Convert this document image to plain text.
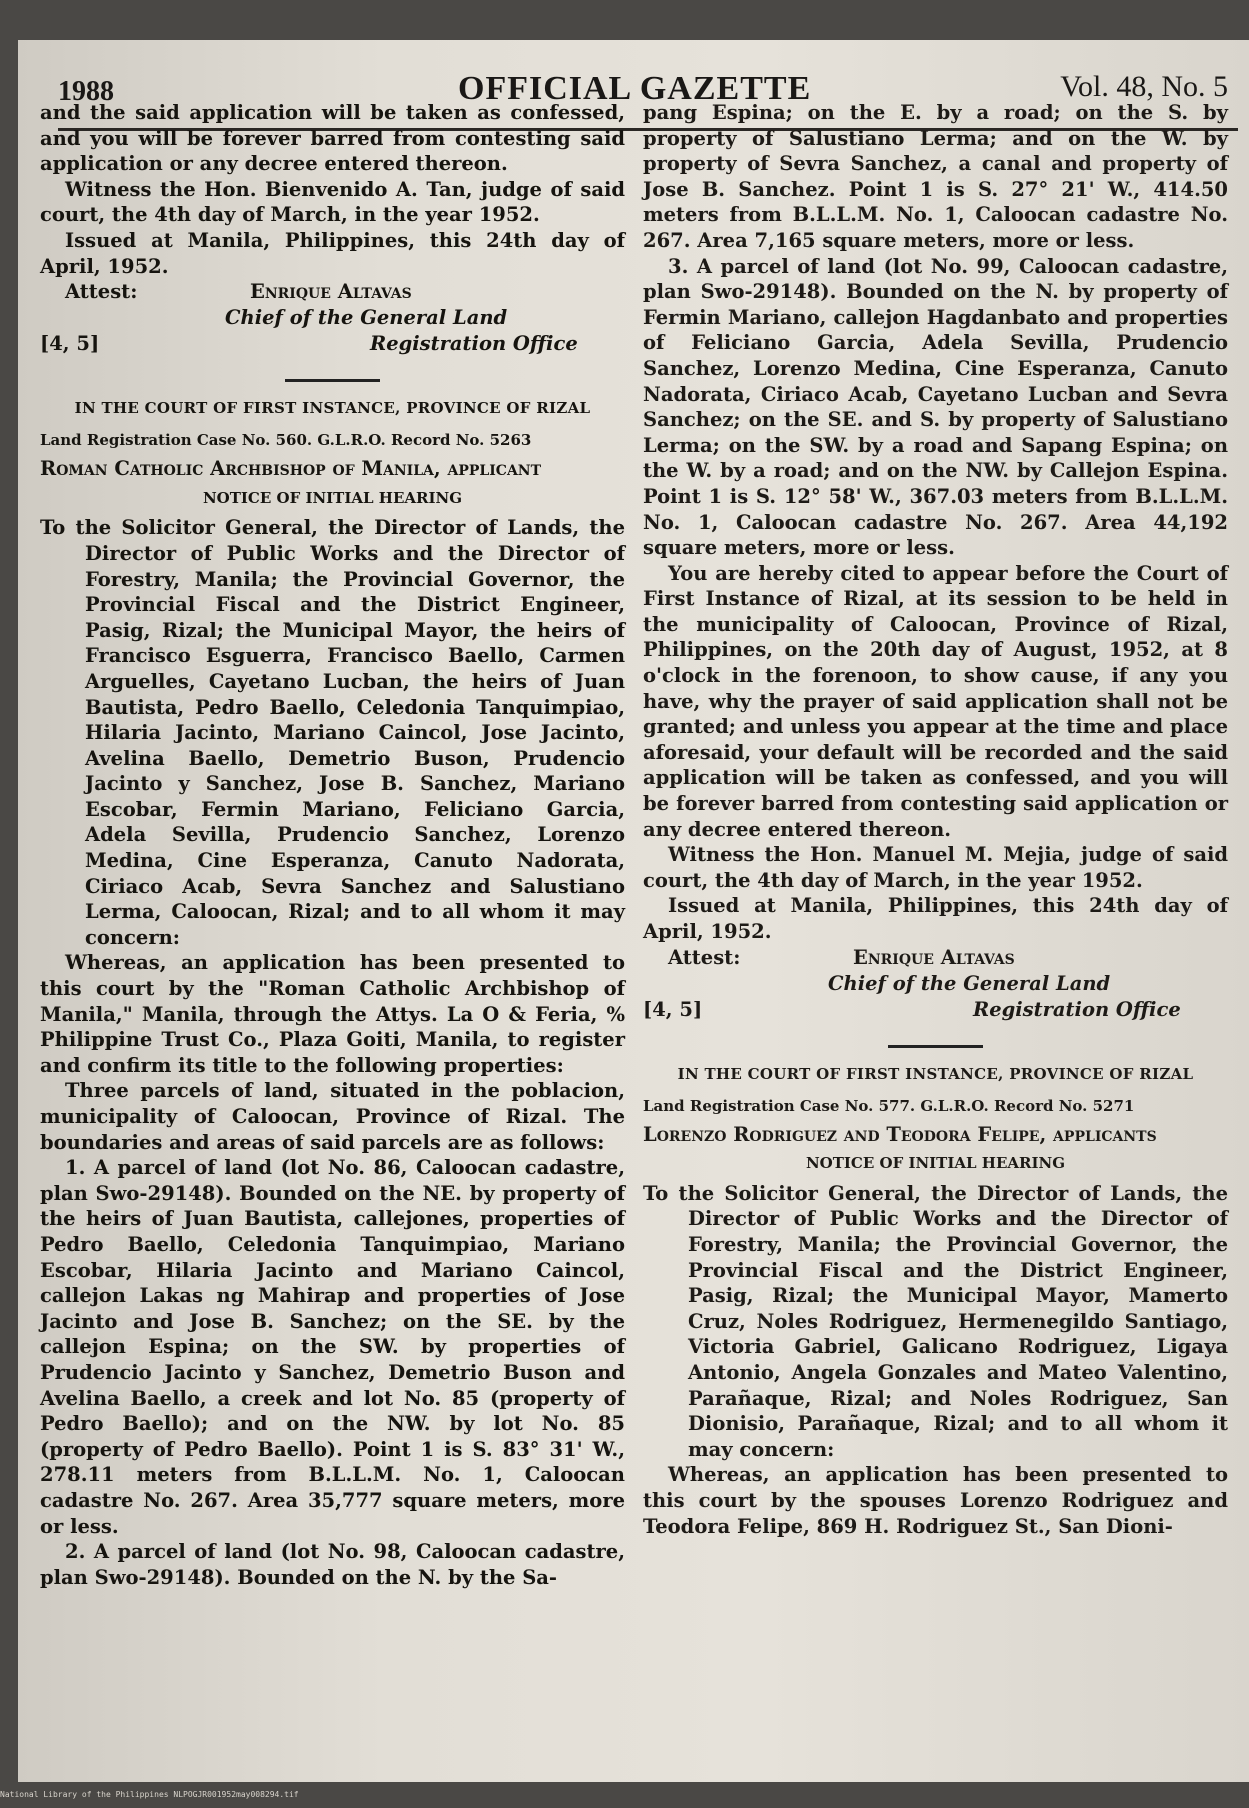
1988	OFFICIAL GAZETTE	Vol. 48, No. 5

and the said application will be taken as confessed, and you will be forever barred from contesting said application or any decree entered thereon.

Witness the Hon. Bienvenido A. Tan, judge of said court, the 4th day of March, in the year 1952.

Issued at Manila, Philippines, this 24th day of April, 1952.

Attest:	Enrique Altavas
Chief of the General Land
[4, 5]	Registration Office

IN THE COURT OF FIRST INSTANCE, PROVINCE OF RIZAL

Land Registration Case No. 560. G.L.R.O. Record No. 5263

Roman Catholic Archbishop of Manila, applicant

NOTICE OF INITIAL HEARING

To the Solicitor General, the Director of Lands, the Director of Public Works and the Director of Forestry, Manila; the Provincial Governor, the Provincial Fiscal and the District Engineer, Pasig, Rizal; the Municipal Mayor, the heirs of Francisco Esguerra, Francisco Baello, Carmen Arguelles, Cayetano Lucban, the heirs of Juan Bautista, Pedro Baello, Celedonia Tanquimpiao, Hilaria Jacinto, Mariano Caincol, Jose Jacinto, Avelina Baello, Demetrio Buson, Prudencio Jacinto y Sanchez, Jose B. Sanchez, Mariano Escobar, Fermin Mariano, Feliciano Garcia, Adela Sevilla, Prudencio Sanchez, Lorenzo Medina, Cine Esperanza, Canuto Nadorata, Ciriaco Acab, Sevra Sanchez and Salustiano Lerma, Caloocan, Rizal; and to all whom it may concern:

Whereas, an application has been presented to this court by the "Roman Catholic Archbishop of Manila," Manila, through the Attys. La O & Feria, % Philippine Trust Co., Plaza Goiti, Manila, to register and confirm its title to the following properties:

Three parcels of land, situated in the poblacion, municipality of Caloocan, Province of Rizal. The boundaries and areas of said parcels are as follows:

1. A parcel of land (lot No. 86, Caloocan cadastre, plan Swo-29148). Bounded on the NE. by property of the heirs of Juan Bautista, callejones, properties of Pedro Baello, Celedonia Tanquimpiao, Mariano Escobar, Hilaria Jacinto and Mariano Caincol, callejon Lakas ng Mahirap and properties of Jose Jacinto and Jose B. Sanchez; on the SE. by the callejon Espina; on the SW. by properties of Prudencio Jacinto y Sanchez, Demetrio Buson and Avelina Baello, a creek and lot No. 85 (property of Pedro Baello); and on the NW. by lot No. 85 (property of Pedro Baello). Point 1 is S. 83° 31' W., 278.11 meters from B.L.L.M. No. 1, Caloocan cadastre No. 267. Area 35,777 square meters, more or less.

2. A parcel of land (lot No. 98, Caloocan cadastre, plan Swo-29148). Bounded on the N. by the Sa-

pang Espina; on the E. by a road; on the S. by property of Salustiano Lerma; and on the W. by property of Sevra Sanchez, a canal and property of Jose B. Sanchez. Point 1 is S. 27° 21' W., 414.50 meters from B.L.L.M. No. 1, Caloocan cadastre No. 267. Area 7,165 square meters, more or less.

3. A parcel of land (lot No. 99, Caloocan cadastre, plan Swo-29148). Bounded on the N. by property of Fermin Mariano, callejon Hagdanbato and properties of Feliciano Garcia, Adela Sevilla, Prudencio Sanchez, Lorenzo Medina, Cine Esperanza, Canuto Nadorata, Ciriaco Acab, Cayetano Lucban and Sevra Sanchez; on the SE. and S. by property of Salustiano Lerma; on the SW. by a road and Sapang Espina; on the W. by a road; and on the NW. by Callejon Espina. Point 1 is S. 12° 58' W., 367.03 meters from B.L.L.M. No. 1, Caloocan cadastre No. 267. Area 44,192 square meters, more or less.

You are hereby cited to appear before the Court of First Instance of Rizal, at its session to be held in the municipality of Caloocan, Province of Rizal, Philippines, on the 20th day of August, 1952, at 8 o'clock in the forenoon, to show cause, if any you have, why the prayer of said application shall not be granted; and unless you appear at the time and place aforesaid, your default will be recorded and the said application will be taken as confessed, and you will be forever barred from contesting said application or any decree entered thereon.

Witness the Hon. Manuel M. Mejia, judge of said court, the 4th day of March, in the year 1952.

Issued at Manila, Philippines, this 24th day of April, 1952.

Attest:	Enrique Altavas
Chief of the General Land
[4, 5]	Registration Office

IN THE COURT OF FIRST INSTANCE, PROVINCE OF RIZAL

Land Registration Case No. 577. G.L.R.O. Record No. 5271

Lorenzo Rodriguez and Teodora Felipe, applicants

NOTICE OF INITIAL HEARING

To the Solicitor General, the Director of Lands, the Director of Public Works and the Director of Forestry, Manila; the Provincial Governor, the Provincial Fiscal and the District Engineer, Pasig, Rizal; the Municipal Mayor, Mamerto Cruz, Noles Rodriguez, Hermenegildo Santiago, Victoria Gabriel, Galicano Rodriguez, Ligaya Antonio, Angela Gonzales and Mateo Valentino, Parañaque, Rizal; and Noles Rodriguez, San Dionisio, Parañaque, Rizal; and to all whom it may concern:

Whereas, an application has been presented to this court by the spouses Lorenzo Rodriguez and Teodora Felipe, 869 H. Rodriguez St., San Dioni-

National Library of the Philippines NLPOGJR001952may008294.tif
